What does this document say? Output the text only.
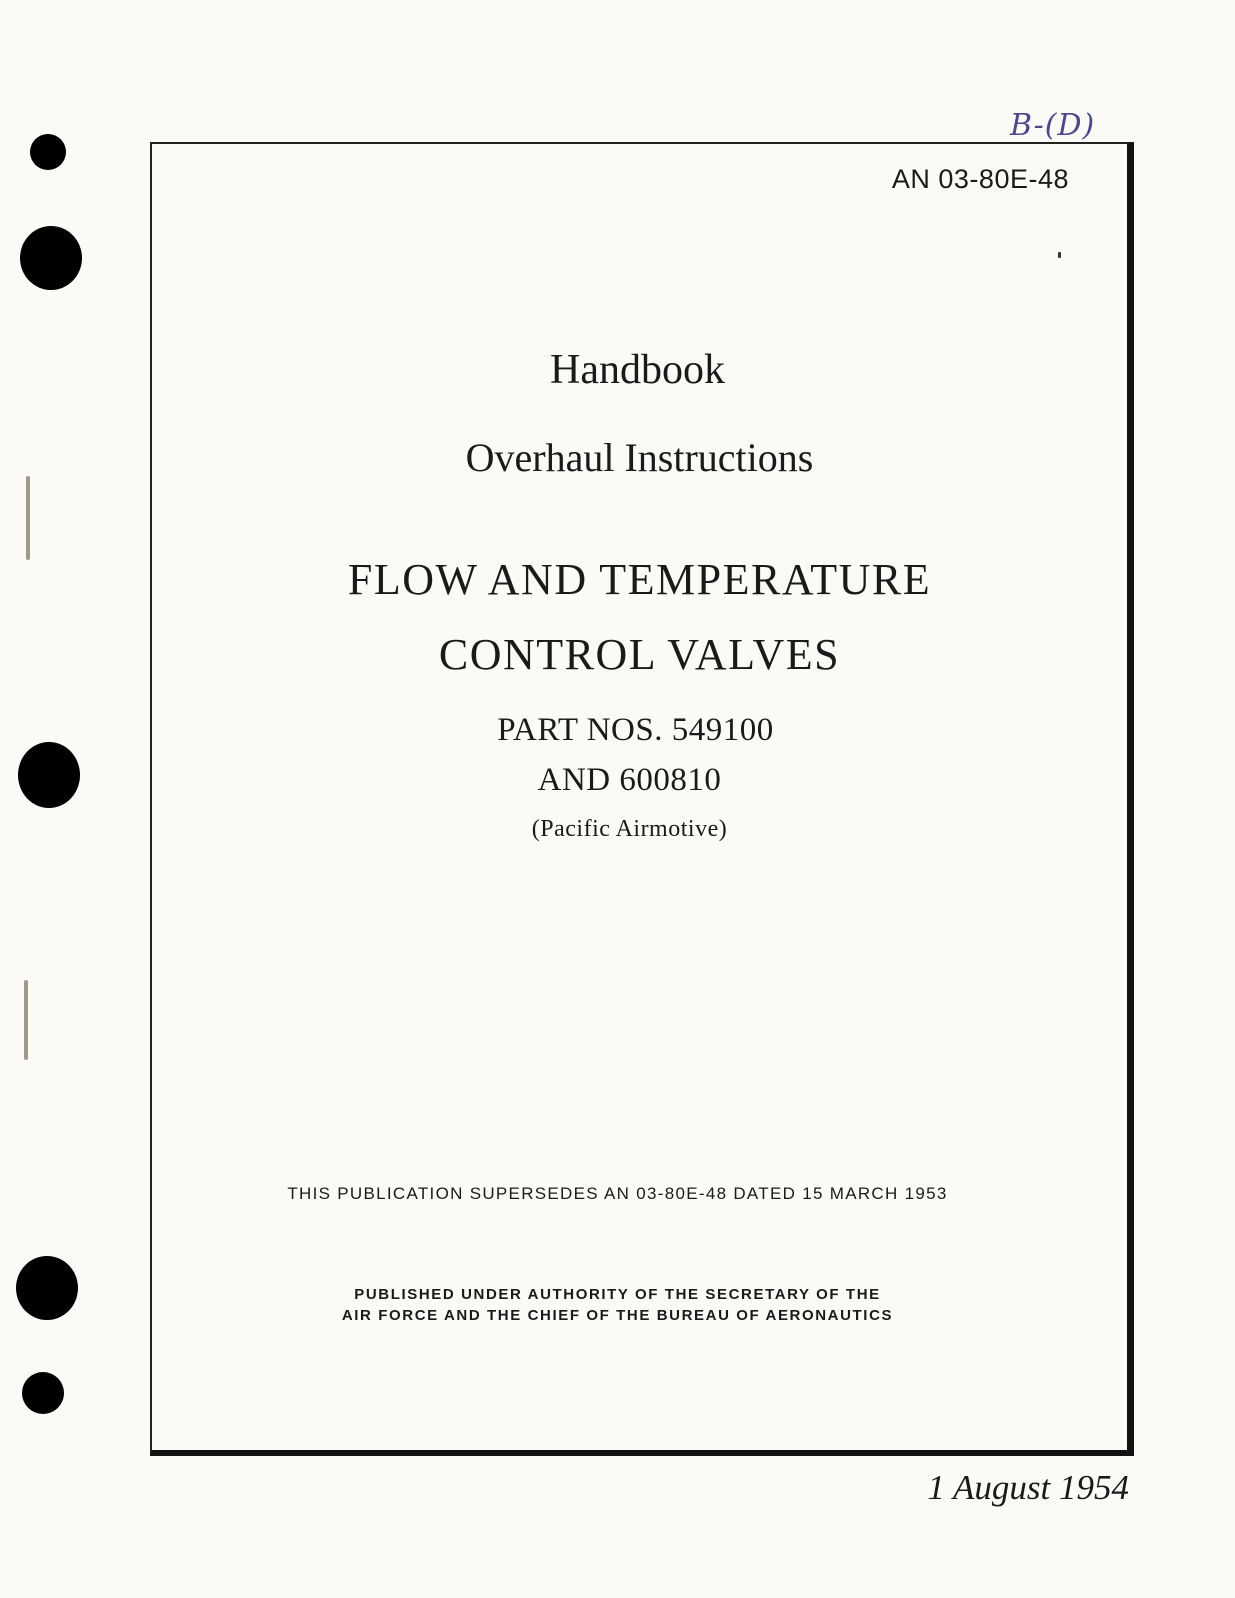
B-(D)
AN 03-80E-48
Handbook
Overhaul Instructions
FLOW AND TEMPERATURE
CONTROL VALVES
PART NOS. 549100
AND 600810
(Pacific Airmotive)
THIS PUBLICATION SUPERSEDES AN 03-80E-48 DATED 15 MARCH 1953
PUBLISHED UNDER AUTHORITY OF THE SECRETARY OF THE
AIR FORCE AND THE CHIEF OF THE BUREAU OF AERONAUTICS
1 August 1954
